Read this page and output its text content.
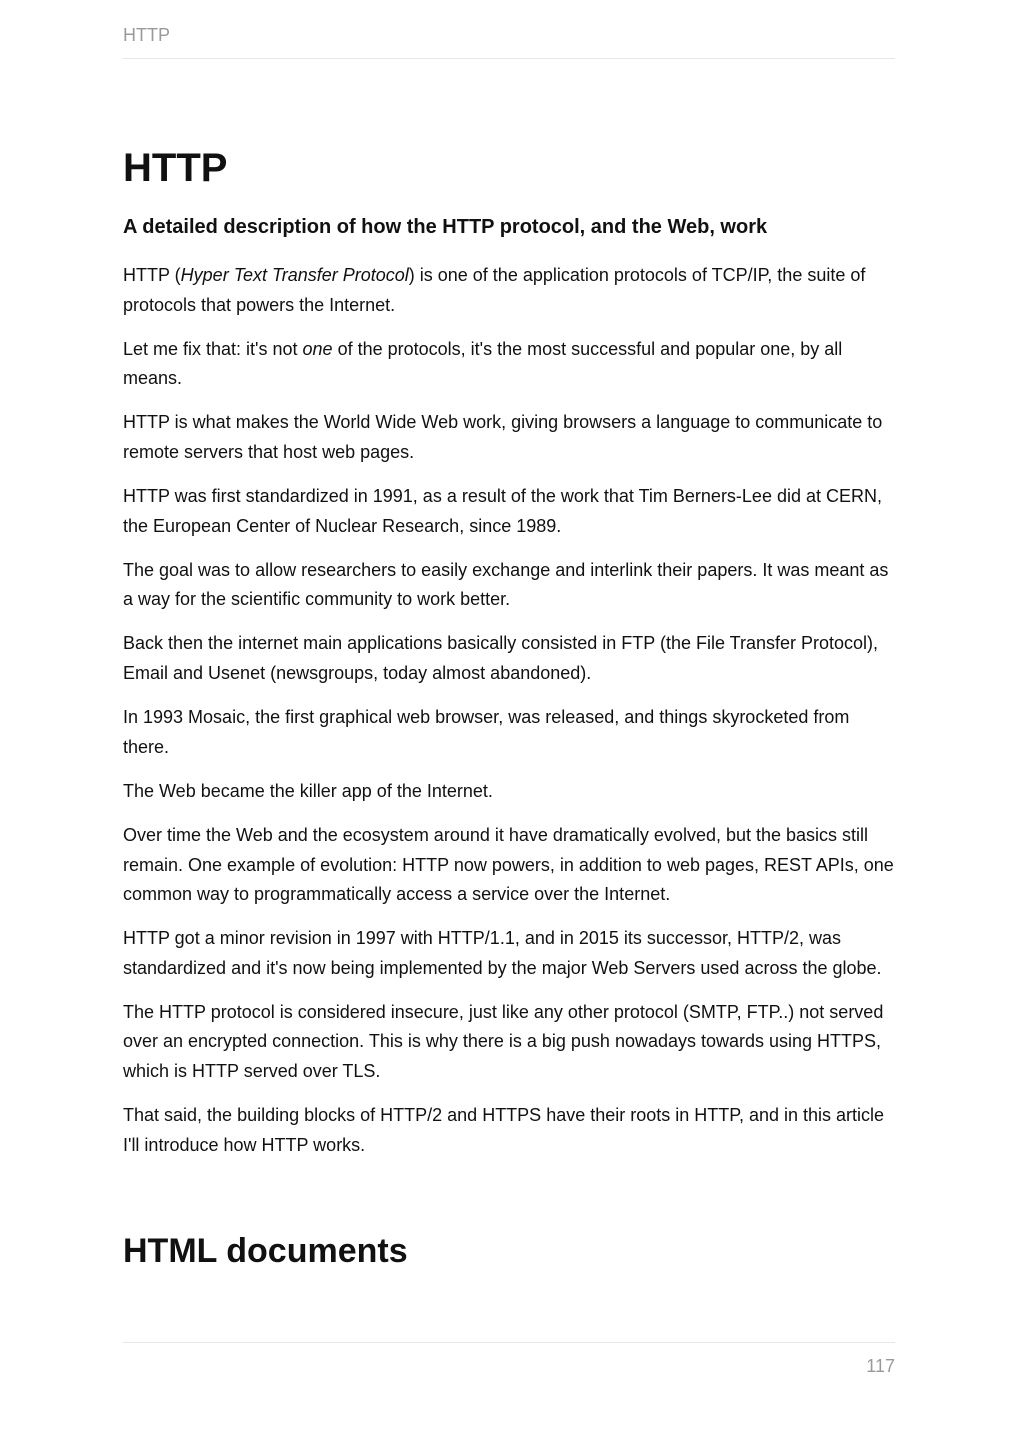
HTTP
HTTP
A detailed description of how the HTTP protocol, and the Web, work

HTTP (Hyper Text Transfer Protocol) is one of the application protocols of TCP/IP, the suite of protocols that powers the Internet.

Let me fix that: it's not one of the protocols, it's the most successful and popular one, by all means.

HTTP is what makes the World Wide Web work, giving browsers a language to communicate to remote servers that host web pages.

HTTP was first standardized in 1991, as a result of the work that Tim Berners-Lee did at CERN, the European Center of Nuclear Research, since 1989.

The goal was to allow researchers to easily exchange and interlink their papers. It was meant as a way for the scientific community to work better.

Back then the internet main applications basically consisted in FTP (the File Transfer Protocol), Email and Usenet (newsgroups, today almost abandoned).

In 1993 Mosaic, the first graphical web browser, was released, and things skyrocketed from there.

The Web became the killer app of the Internet.

Over time the Web and the ecosystem around it have dramatically evolved, but the basics still remain. One example of evolution: HTTP now powers, in addition to web pages, REST APIs, one common way to programmatically access a service over the Internet.

HTTP got a minor revision in 1997 with HTTP/1.1, and in 2015 its successor, HTTP/2, was standardized and it's now being implemented by the major Web Servers used across the globe.

The HTTP protocol is considered insecure, just like any other protocol (SMTP, FTP..) not served over an encrypted connection. This is why there is a big push nowadays towards using HTTPS, which is HTTP served over TLS.

That said, the building blocks of HTTP/2 and HTTPS have their roots in HTTP, and in this article I'll introduce how HTTP works.

HTML documents
117
